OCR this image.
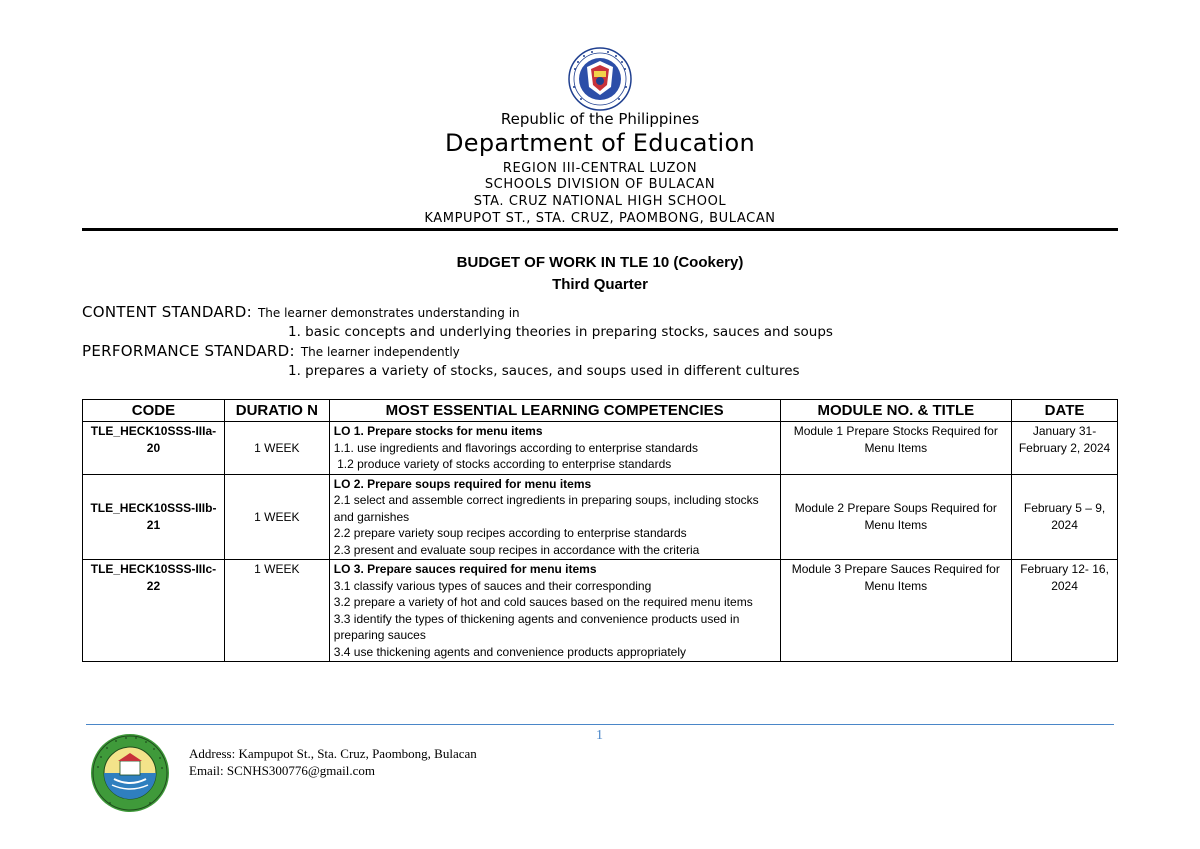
Republic of the Philippines
Department of Education
REGION III-CENTRAL LUZON
SCHOOLS DIVISION OF BULACAN
STA. CRUZ NATIONAL HIGH SCHOOL
KAMPUPOT ST., STA. CRUZ, PAOMBONG, BULACAN
BUDGET OF WORK IN TLE 10 (Cookery)
Third Quarter
CONTENT STANDARD: The learner demonstrates understanding in
1. basic concepts and underlying theories in preparing stocks, sauces and soups
PERFORMANCE STANDARD: The learner independently
1. prepares a variety of stocks, sauces, and soups used in different cultures
CODE	DURATIO N	MOST ESSENTIAL LEARNING COMPETENCIES	MODULE NO. & TITLE	DATE
TLE_HECK10SSS-IIIa-20	1 WEEK	LO 1. Prepare stocks for menu items
1.1. use ingredients and flavorings according to enterprise standards
1.2 produce variety of stocks according to enterprise standards	Module 1 Prepare Stocks Required for Menu Items	January 31- February 2, 2024
TLE_HECK10SSS-IIIb-21	1 WEEK	LO 2. Prepare soups required for menu items
2.1 select and assemble correct ingredients in preparing soups, including stocks and garnishes
2.2 prepare variety soup recipes according to enterprise standards
2.3 present and evaluate soup recipes in accordance with the criteria	Module 2 Prepare Soups Required for Menu Items	February 5 – 9, 2024
TLE_HECK10SSS-IIIc-22	1 WEEK	LO 3. Prepare sauces required for menu items
3.1 classify various types of sauces and their corresponding
3.2 prepare a variety of hot and cold sauces based on the required menu items
3.3 identify the types of thickening agents and convenience products used in preparing sauces
3.4 use thickening agents and convenience products appropriately	Module 3 Prepare Sauces Required for Menu Items	February 12- 16, 2024
1
Address: Kampupot St., Sta. Cruz, Paombong, Bulacan
Email: SCNHS300776@gmail.com
